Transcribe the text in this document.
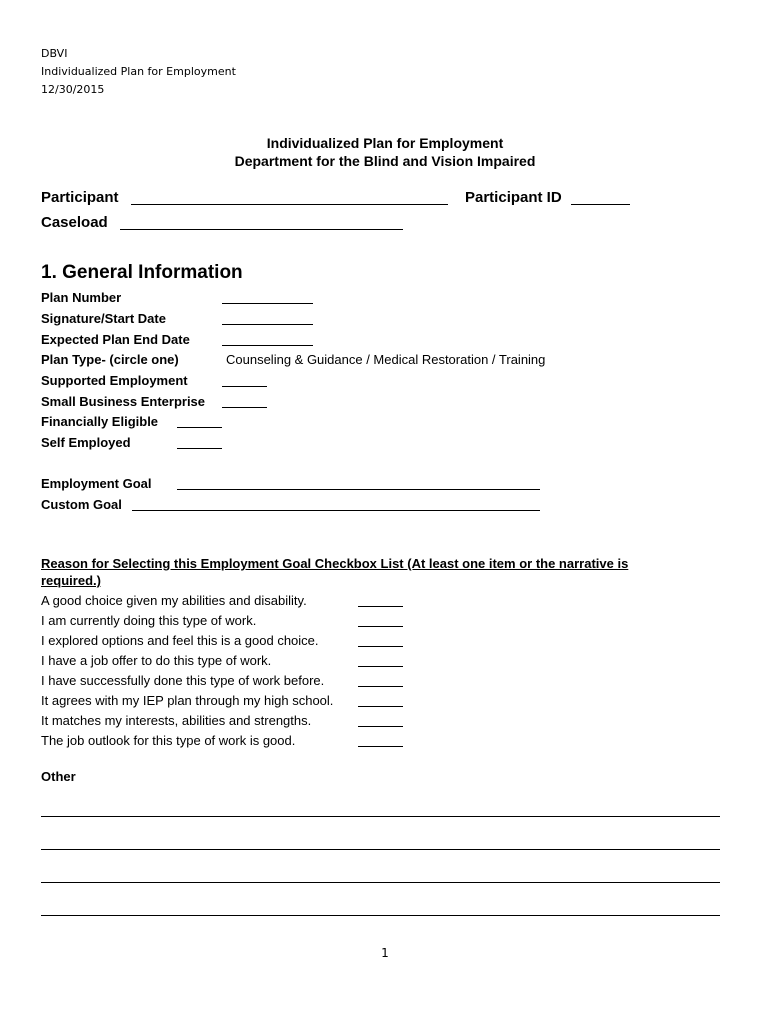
DBVI
Individualized Plan for Employment
12/30/2015
Individualized Plan for Employment
Department for the Blind and Vision Impaired
Participant	Participant ID
Caseload
1. General Information
Plan Number
Signature/Start Date
Expected Plan End Date
Plan Type- (circle one)	Counseling & Guidance / Medical Restoration / Training
Supported Employment
Small Business Enterprise
Financially Eligible
Self Employed
Employment Goal
Custom Goal
Reason for Selecting this Employment Goal Checkbox List (At least one item or the narrative is
required.)
A good choice given my abilities and disability.
I am currently doing this type of work.
I explored options and feel this is a good choice.
I have a job offer to do this type of work.
I have successfully done this type of work before.
It agrees with my IEP plan through my high school.
It matches my interests, abilities and strengths.
The job outlook for this type of work is good.
Other
1
